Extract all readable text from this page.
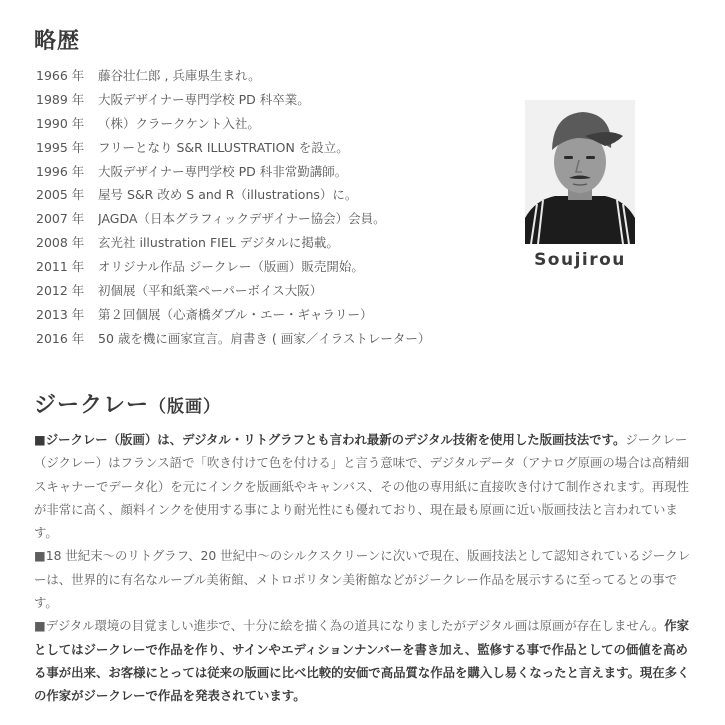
略歴
1966 年	藤谷壮仁郎 , 兵庫県生まれ。
1989 年	大阪デザイナー専門学校 PD 科卒業。
1990 年	（株）クラークケント入社。
1995 年	フリーとなり S&R ILLUSTRATION を設立。
1996 年	大阪デザイナー専門学校 PD 科非常勤講師。
2005 年	屋号 S&R 改め S and R（illustrations）に。
2007 年	JAGDA（日本グラフィックデザイナー協会）会員。
2008 年	玄光社 illustration FIEL デジタルに掲載。
2011 年	オリジナル作品 ジークレー（版画）販売開始。
2012 年	初個展（平和紙業ペーパーボイス大阪）
2013 年	第２回個展（心斎橋ダブル・エー・ギャラリー）
2016 年	50 歳を機に画家宣言。肩書き ( 画家／イラストレーター）
Soujirou
ジークレー（版画）

■ジークレー（版画）は、デジタル・リトグラフとも言われ最新のデジタル技術を使用した版画技法です。ジークレー（ジクレー）はフランス語で「吹き付けて色を付ける」と言う意味で、デジタルデータ（アナログ原画の場合は高精細スキャナーでデータ化）を元にインクを版画紙やキャンバス、その他の専用紙に直接吹き付けて制作されます。再現性が非常に高く、顔料インクを使用する事により耐光性にも優れており、現在最も原画に近い版画技法と言われています。

■18 世紀末〜のリトグラフ、20 世紀中〜のシルクスクリーンに次いで現在、版画技法として認知されているジークレーは、世界的に有名なルーブル美術館、メトロポリタン美術館などがジークレー作品を展示するに至ってるとの事です。

■デジタル環境の目覚ましい進歩で、十分に絵を描く為の道具になりましたがデジタル画は原画が存在しません。作家としてはジークレーで作品を作り、サインやエディションナンバーを書き加え、監修する事で作品としての価値を高める事が出来、お客様にとっては従来の版画に比べ比較的安価で高品質な作品を購入し易くなったと言えます。現在多くの作家がジークレーで作品を発表されています。
